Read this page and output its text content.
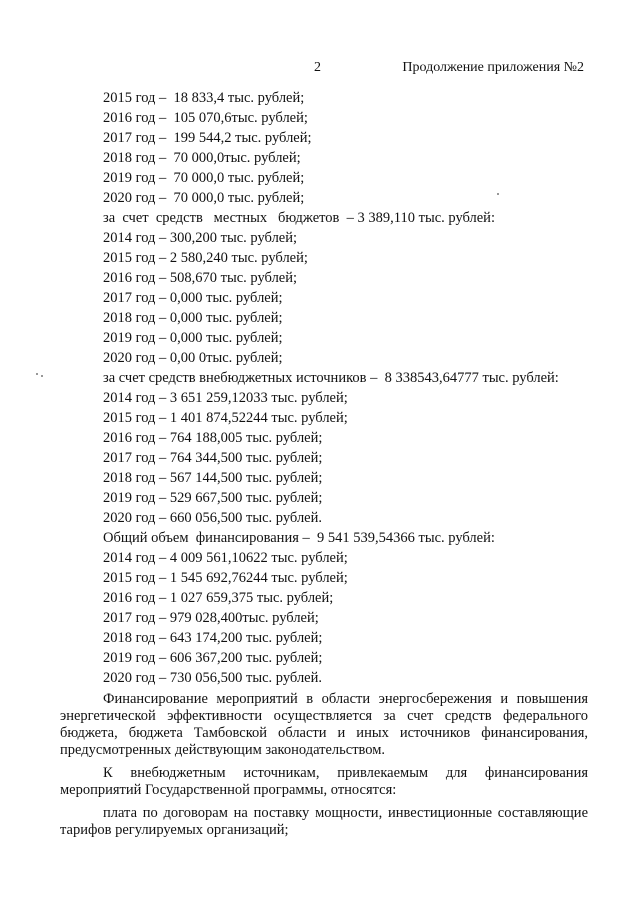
2	Продолжение приложения №2
2015 год –  18 833,4 тыс. рублей;
2016 год –  105 070,6тыс. рублей;
2017 год –  199 544,2 тыс. рублей;
2018 год –  70 000,0тыс. рублей;
2019 год –  70 000,0 тыс. рублей;
2020 год –  70 000,0 тыс. рублей;
за  счет  средств   местных   бюджетов  – 3 389,110 тыс. рублей:
2014 год – 300,200 тыс. рублей;
2015 год – 2 580,240 тыс. рублей;
2016 год – 508,670 тыс. рублей;
2017 год – 0,000 тыс. рублей;
2018 год – 0,000 тыс. рублей;
2019 год – 0,000 тыс. рублей;
2020 год – 0,00 0тыс. рублей;
за счет средств внебюджетных источников –  8 338543,64777 тыс. рублей:
2014 год – 3 651 259,12033 тыс. рублей;
2015 год – 1 401 874,52244 тыс. рублей;
2016 год – 764 188,005 тыс. рублей;
2017 год – 764 344,500 тыс. рублей;
2018 год – 567 144,500 тыс. рублей;
2019 год – 529 667,500 тыс. рублей;
2020 год – 660 056,500 тыс. рублей.
Общий объем  финансирования –  9 541 539,54366 тыс. рублей:
2014 год – 4 009 561,10622 тыс. рублей;
2015 год – 1 545 692,76244 тыс. рублей;
2016 год – 1 027 659,375 тыс. рублей;
2017 год – 979 028,400тыс. рублей;
2018 год – 643 174,200 тыс. рублей;
2019 год – 606 367,200 тыс. рублей;
2020 год – 730 056,500 тыс. рублей.

Финансирование мероприятий в области энергосбережения и повышения энергетической эффективности осуществляется за счет средств федерального бюджета, бюджета Тамбовской области и иных источников финансирования, предусмотренных действующим законодательством.

К внебюджетным источникам, привлекаемым для финансирования мероприятий Государственной программы, относятся:

плата по договорам на поставку мощности, инвестиционные составляющие тарифов регулируемых организаций;
